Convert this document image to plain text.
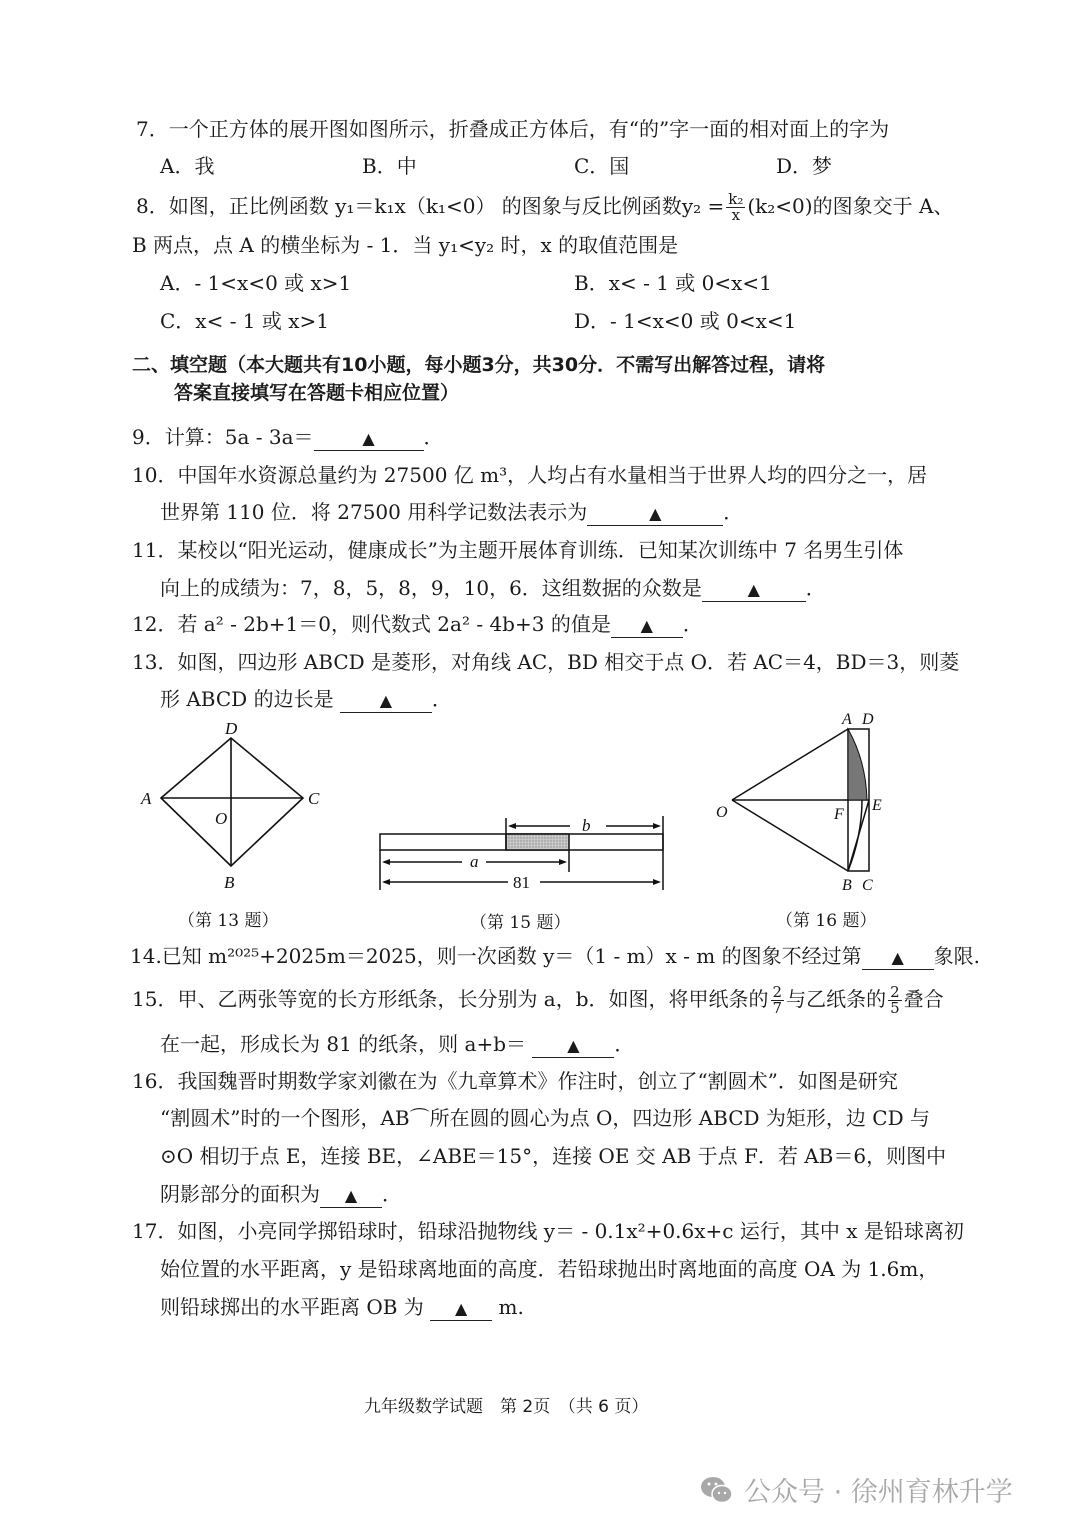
7．一个正方体的展开图如图所示，折叠成正方体后，有“的”字一面的相对面上的字为
A．我	B．中	C．国	D．梦
8．如图，正比例函数 y₁＝k₁x（k₁<0） 的图象与反比例函数$y_2 = \frac{\text{k₂}}{x} (k_2<0)$的图象交于 A、
B 两点，点 A 的横坐标为 - 1．当 y₁<y₂ 时，x 的取值范围是
A．- 1<x<0 或 x>1	B．x< - 1 或 0<x<1
C．x< - 1 或 x>1	D．- 1<x<0 或 0<x<1
二、填空题（本大题共有10小题，每小题3分，共30分．不需写出解答过程，请将
答案直接填写在答题卡相应位置）
9．计算：5a - 3a＝	▲ ．
10．中国年水资源总量约为 27500 亿 m³，人均占有水量相当于世界人均的四分之一，居
世界第 110 位．将 27500 用科学记数法表示为	▲	．
11．某校以“阳光运动，健康成长”为主题开展体育训练．已知某次训练中 7 名男生引体
向上的成绩为：7，8，5，8，9，10，6．这组数据的众数是	▲ ．
12．若 a² - 2b+1＝0，则代数式 2a² - 4b+3 的值是 ▲ ．
13．如图，四边形 ABCD 是菱形，对角线 AC，BD 相交于点 O．若 AC＝4，BD＝3，则菱
形 ABCD 的边长是 ▲ ．
D
A	C
O
B
（第 13 题）
b
a
81
（第 15 题）
A D
O	F
E
B C
（第 16 题）
14.已知 m²⁰²⁵+2025m＝2025，则一次函数 y＝（1 - m）x - m 的图象不经过第 ▲ 象限.
15．甲、乙两张等宽的长方形纸条，长分别为 a，b．如图，将甲纸条的 $\frac{2}{7}$ 与乙纸条的 $\frac{2}{5}$ 叠合
在一起，形成长为 81 的纸条，则 a+b＝ ▲ ．
16．我国魏晋时期数学家刘徽在为《九章算术》作注时，创立了“割圆术”．如图是研究
“割圆术”时的一个图形，AB⌒所在圆的圆心为点 O，四边形 ABCD 为矩形，边 CD 与
⊙O 相切于点 E，连接 BE，∠ABE＝15°，连接 OE 交 AB 于点 F．若 AB＝6，则图中
阴影部分的面积为 ▲ ．
17．如图，小亮同学掷铅球时，铅球沿抛物线 y＝ - 0.1x²+0.6x+c 运行，其中 x 是铅球离初
始位置的水平距离，y 是铅球离地面的高度．若铅球抛出时离地面的高度 OA 为 1.6m，
则铅球掷出的水平距离 OB 为 ▲ m.
九年级数学试题　第 2页　（共 6 页）
公众号 · 徐州育林升学
